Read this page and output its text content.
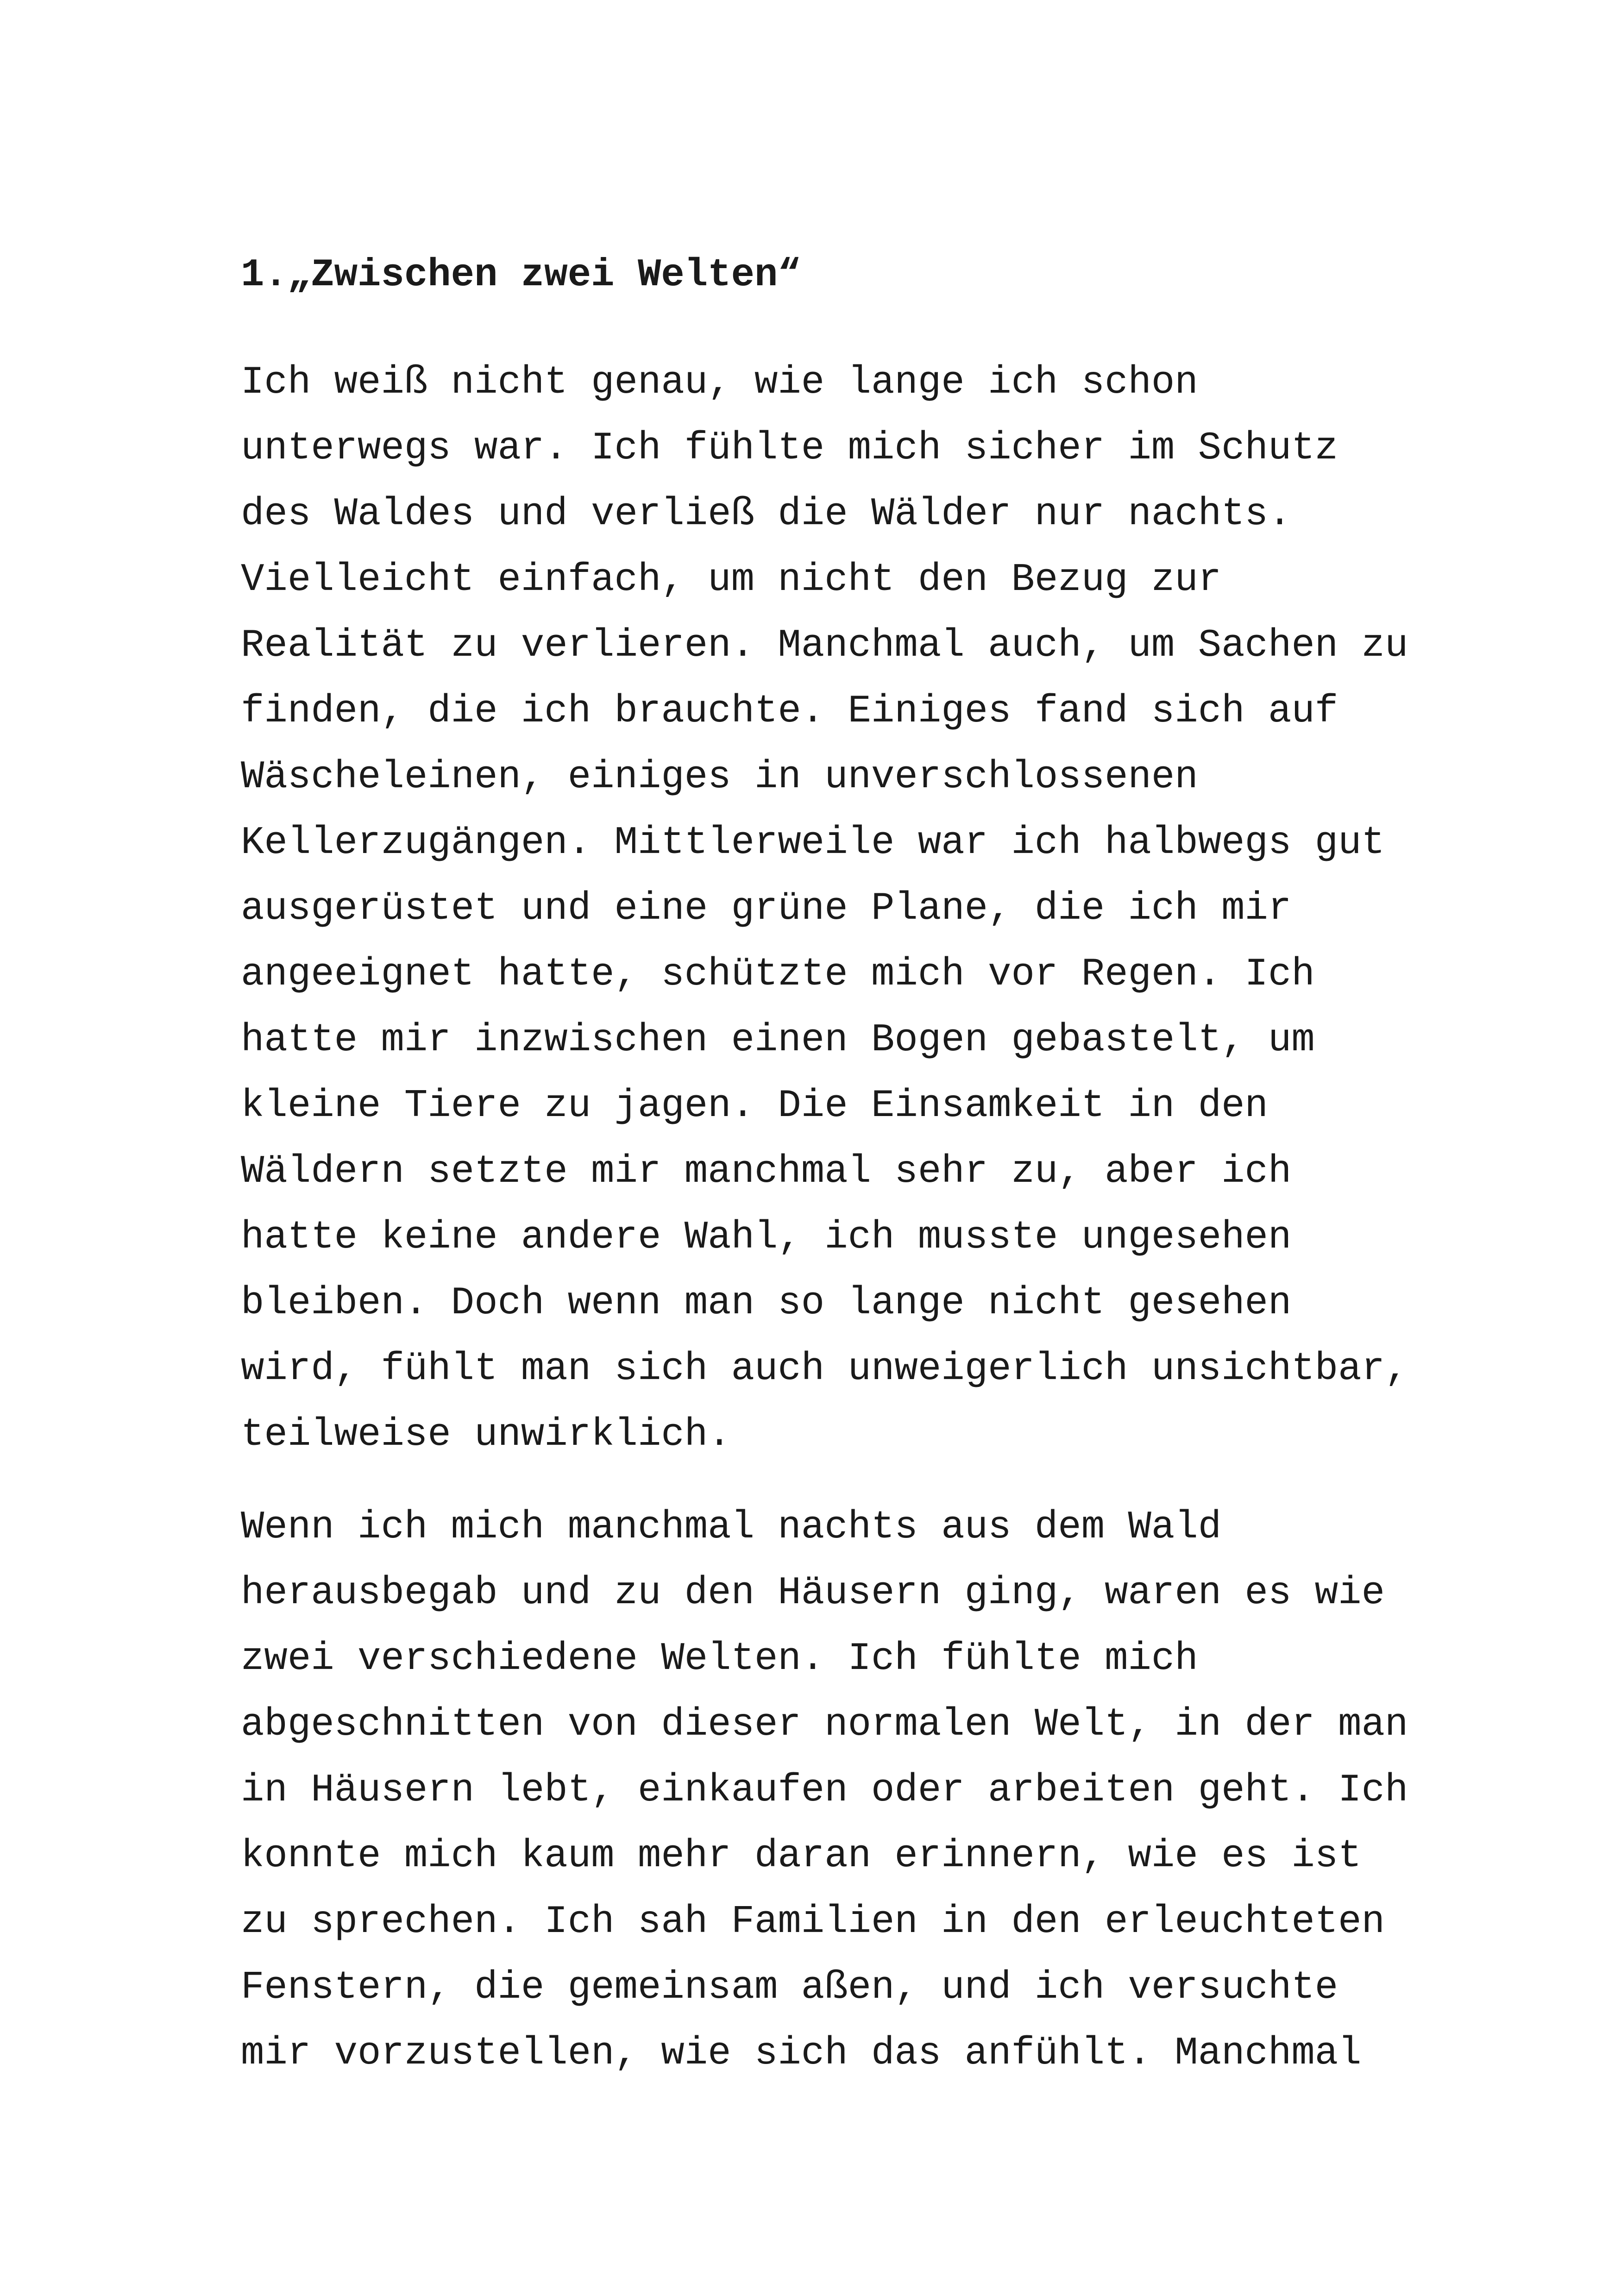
1.„Zwischen zwei Welten“
Ich weiß nicht genau, wie lange ich schon
unterwegs war. Ich fühlte mich sicher im Schutz
des Waldes und verließ die Wälder nur nachts.
Vielleicht einfach, um nicht den Bezug zur
Realität zu verlieren. Manchmal auch, um Sachen zu
finden, die ich brauchte. Einiges fand sich auf
Wäscheleinen, einiges in unverschlossenen
Kellerzugängen. Mittlerweile war ich halbwegs gut
ausgerüstet und eine grüne Plane, die ich mir
angeeignet hatte, schützte mich vor Regen. Ich
hatte mir inzwischen einen Bogen gebastelt, um
kleine Tiere zu jagen. Die Einsamkeit in den
Wäldern setzte mir manchmal sehr zu, aber ich
hatte keine andere Wahl, ich musste ungesehen
bleiben. Doch wenn man so lange nicht gesehen
wird, fühlt man sich auch unweigerlich unsichtbar,
teilweise unwirklich.
Wenn ich mich manchmal nachts aus dem Wald
herausbegab und zu den Häusern ging, waren es wie
zwei verschiedene Welten. Ich fühlte mich
abgeschnitten von dieser normalen Welt, in der man
in Häusern lebt, einkaufen oder arbeiten geht. Ich
konnte mich kaum mehr daran erinnern, wie es ist
zu sprechen. Ich sah Familien in den erleuchteten
Fenstern, die gemeinsam aßen, und ich versuchte
mir vorzustellen, wie sich das anfühlt. Manchmal
